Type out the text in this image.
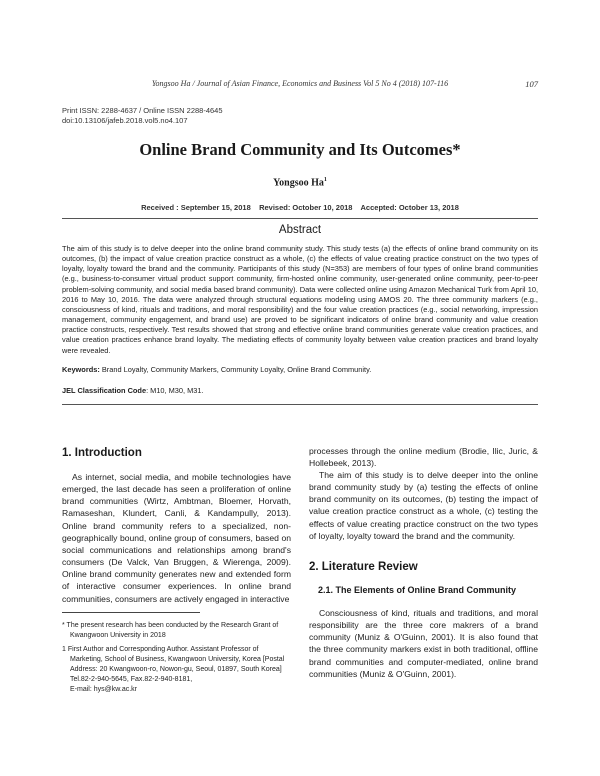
Yongsoo Ha / Journal of Asian Finance, Economics and Business Vol 5 No 4 (2018) 107-116	107
Print ISSN: 2288-4637 / Online ISSN 2288-4645
doi:10.13106/jafeb.2018.vol5.no4.107
Online Brand Community and Its Outcomes*
Yongsoo Ha$^1$
Received : September 15, 2018    Revised: October 10, 2018    Accepted: October 13, 2018
Abstract
The aim of this study is to delve deeper into the online brand community study. This study tests (a) the effects of online brand community on its outcomes, (b) the impact of value creation practice construct as a whole, (c) the effects of value creating practice construct on the two types of loyalty, loyalty toward the brand and the community. Participants of this study (N=353) are members of four types of online brand communities (e.g., business-to-consumer virtual product support community, firm-hosted online community, user-generated online community, peer-to-peer problem-solving community, and social media based brand community). Data were collected online using Amazon Mechanical Turk from April 10, 2016 to May 10, 2016. The data were analyzed through structural equations modeling using AMOS 20. The three community markers (e.g., consciousness of kind, rituals and traditions, and moral responsibility) and the four value creation practices (e.g., social networking, impression management, community engagement, and brand use) are proved to be significant indicators of online brand community and value creation practice constructs, respectively. Test results showed that strong and effective online brand communities generate value creation practices, and value creation practices enhance brand loyalty. The mediating effects of community loyalty between value creation practices and brand loyalty were revealed.
Keywords: Brand Loyalty, Community Markers, Community Loyalty, Online Brand Community.
JEL Classification Code: M10, M30, M31.
1. Introduction
As internet, social media, and mobile technologies have emerged, the last decade has seen a proliferation of online brand communities (Wirtz, Ambtman, Bloemer, Horvath, Ramaseshan, Klundert, Canli, & Kandampully, 2013). Online brand community refers to a specialized, non-geographically bound, online group of consumers, based on social communications and relationships among brand's consumers (De Valck, Van Bruggen, & Wierenga, 2009). Online brand community generates new and extended form of interactive consumer experiences. In online brand communities, consumers are actively engaged in interactive
* The present research has been conducted by the Research Grant of Kwangwoon University in 2018
1 First Author and Corresponding Author. Assistant Professor of Marketing, School of Business, Kwangwoon University, Korea [Postal Address: 20 Kwangwoon-ro, Nowon-gu, Seoul, 01897, South Korea] Tel.82-2-940-5645, Fax.82-2-940-8181,
E-mail: hys@kw.ac.kr
processes through the online medium (Brodie, Ilic, Juric, & Hollebeek, 2013).
The aim of this study is to delve deeper into the online brand community study by (a) testing the effects of online brand community on its outcomes, (b) testing the impact of value creation practice construct as a whole, (c) testing the effects of value creating practice construct on the two types of loyalty, loyalty toward the brand and the community.
2. Literature Review
2.1. The Elements of Online Brand Community
Consciousness of kind, rituals and traditions, and moral responsibility are the three core makrers of a brand community (Muniz & O'Guinn, 2001). It is also found that the three community markers exist in both traditional, offline brand communities and computer-mediated, online brand communities (Muniz & O'Guinn, 2001).
